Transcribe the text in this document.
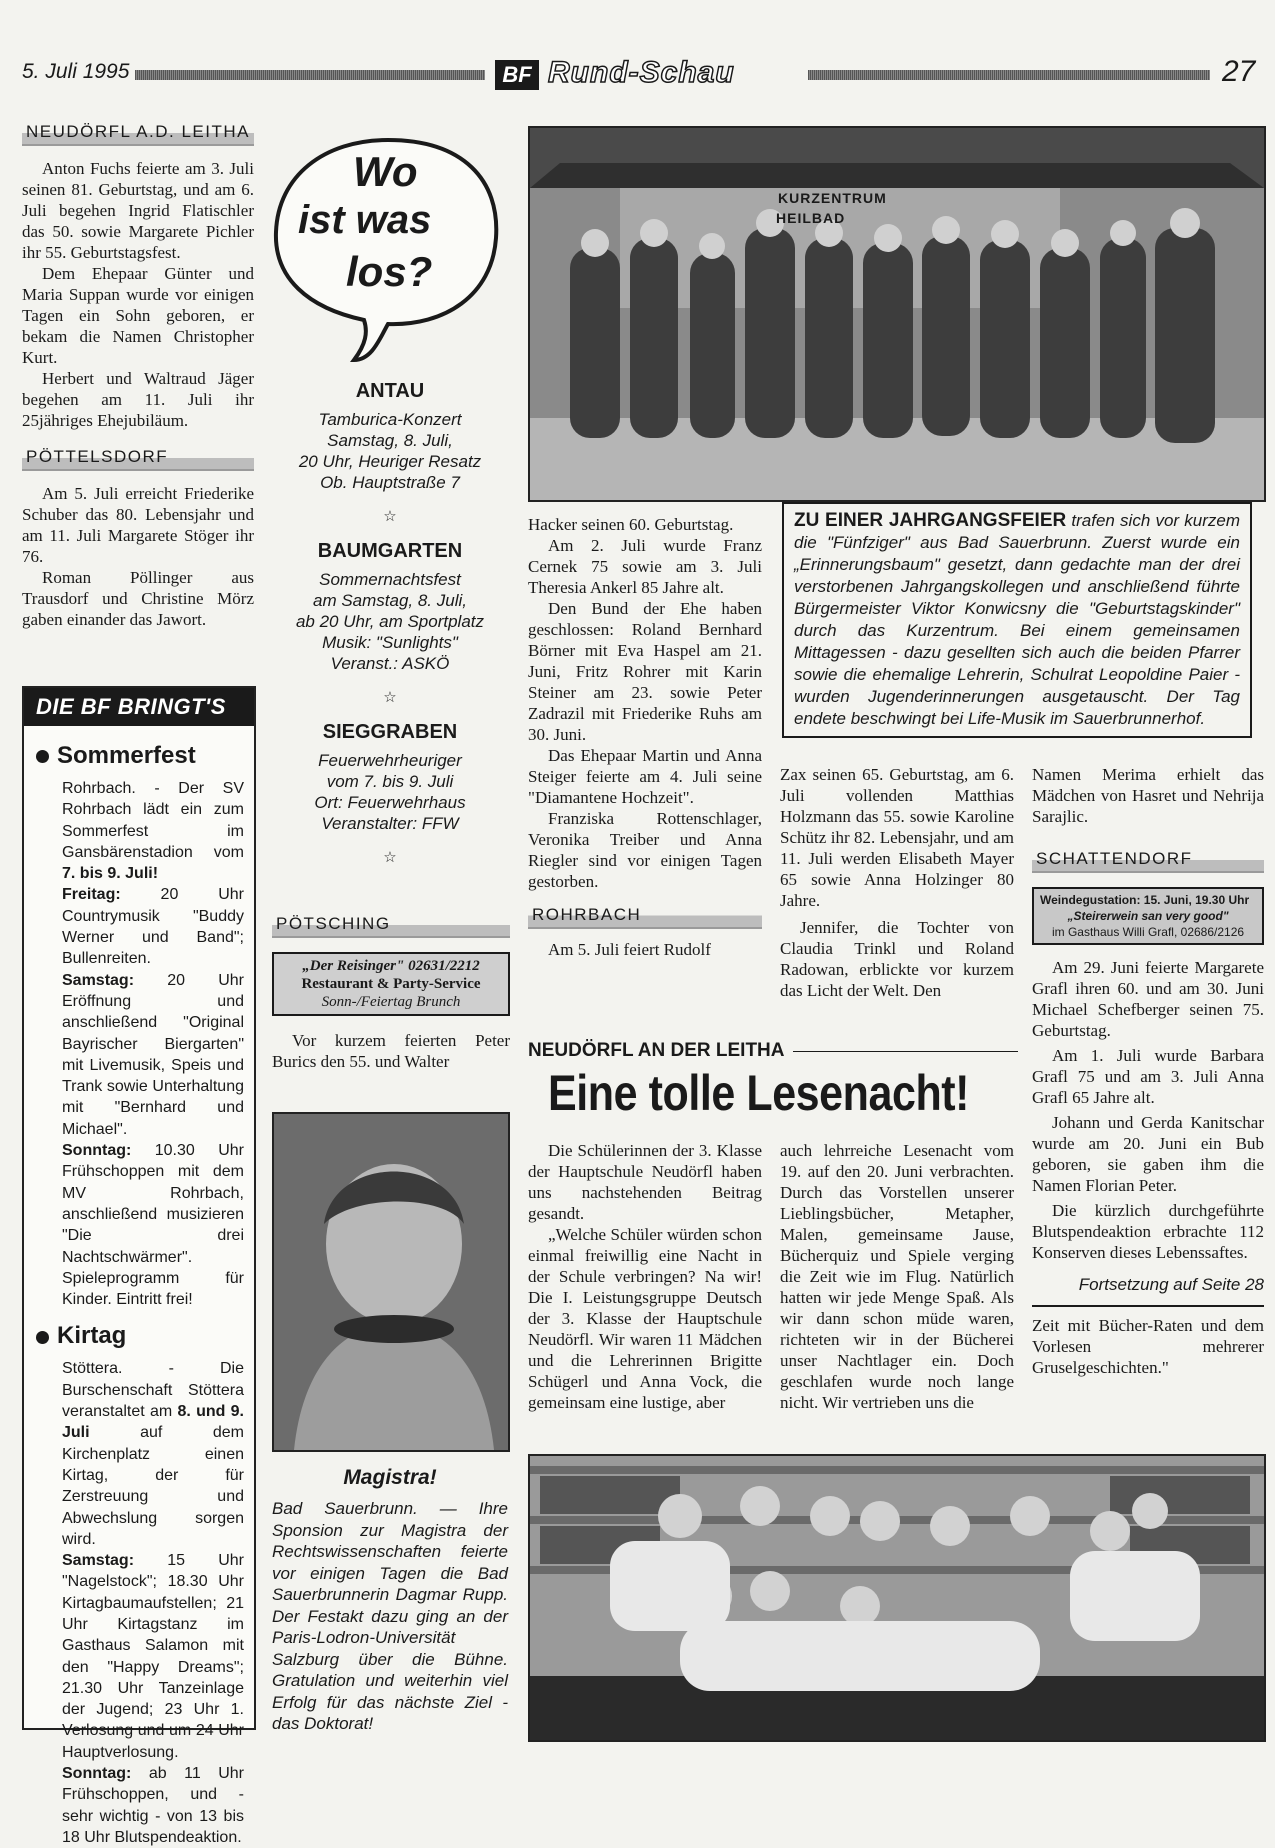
5. Juli 1995	BF Rund-Schau	27
NEUDÖRFL A.D. LEITHA

Anton Fuchs feierte am 3. Juli seinen 81. Geburtstag, und am 6. Juli begehen Ingrid Flatischler das 50. sowie Margarete Pichler ihr 55. Geburtstagsfest.

Dem Ehepaar Günter und Maria Suppan wurde vor einigen Tagen ein Sohn geboren, er bekam die Namen Christopher Kurt.

Herbert und Waltraud Jäger begehen am 11. Juli ihr 25jähriges Ehejubiläum.

PÖTTELSDORF

Am 5. Juli erreicht Friederike Schuber das 80. Lebensjahr und am 11. Juli Margarete Stöger ihr 76.

Roman Pöllinger aus Trausdorf und Christine Mörz gaben einander das Jawort.

DIE BF BRINGT'S
Sommerfest
Rohrbach. - Der SV Rohrbach lädt ein zum Sommerfest im Gansbärenstadion vom 7. bis 9. Juli!
Freitag: 20 Uhr Countrymusik "Buddy Werner und Band"; Bullenreiten.
Samstag: 20 Uhr Eröffnung und anschließend "Original Bayrischer Biergarten" mit Livemusik, Speis und Trank sowie Unterhaltung mit "Bernhard und Michael".
Sonntag: 10.30 Uhr Frühschoppen mit dem MV Rohrbach, anschließend musizieren "Die drei Nachtschwärmer". Spieleprogramm für Kinder. Eintritt frei!
Kirtag
Stöttera. - Die Burschenschaft Stöttera veranstaltet am 8. und 9. Juli	auf dem Kirchenplatz einen Kirtag, der für Zerstreuung und Abwechslung sorgen wird.
Samstag: 15 Uhr "Nagelstock"; 18.30 Uhr Kirtagbaumaufstellen; 21 Uhr Kirtagstanz im Gasthaus Salamon mit den "Happy Dreams"; 21.30 Uhr Tanzeinlage der Jugend; 23 Uhr 1. Verlosung und um 24 Uhr Hauptverlosung.
Sonntag: ab 11 Uhr Frühschoppen, und - sehr wichtig - von 13 bis 18 Uhr Blutspendeaktion.
Wo
ist was
los?

ANTAU

Tamburica-Konzert

Samstag, 8. Juli,

20 Uhr, Heuriger Resatz

Ob. Hauptstraße 7

☆

BAUMGARTEN

Sommernachtsfest

am Samstag, 8. Juli,

ab 20 Uhr, am Sportplatz

Musik: "Sunlights"

Veranst.: ASKÖ

☆

SIEGGRABEN

Feuerwehrheuriger

vom 7. bis 9. Juli

Ort: Feuerwehrhaus

Veranstalter: FFW

☆
PÖTSCHING
„Der Reisinger" 02631/2212
Restaurant & Party-Service
Sonn-/Feiertag Brunch

Vor kurzem feierten Peter Burics den 55. und Walter

Magistra!

Bad Sauerbrunn. — Ihre Sponsion zur Magistra der Rechtswissenschaften feierte vor einigen Tagen die Bad Sauerbrunnerin Dagmar Rupp. Der Festakt dazu ging an der Paris-Lodron-Universität Salzburg über die Bühne. Gratulation und weiterhin viel Erfolg für das nächste Ziel - das Doktorat!
KURZENTRUM
HEILBAD

Hacker seinen 60. Geburtstag.

Am 2. Juli wurde Franz Cernek 75 sowie am 3. Juli Theresia Ankerl 85 Jahre alt.

Den Bund der Ehe haben geschlossen: Roland Bernhard Börner mit Eva Haspel am 21. Juni, Fritz Rohrer mit Karin Steiner am 23. sowie Peter Zadrazil mit Friederike Ruhs am 30. Juni.

Das Ehepaar Martin und Anna Steiger feierte am 4. Juli seine "Diamantene Hochzeit".

Franziska Rottenschlager, Veronika Treiber und Anna Riegler sind vor einigen Tagen gestorben.

ROHRBACH

Am 5. Juli feiert Rudolf

ZU EINER JAHRGANGSFEIER trafen sich vor kurzem die "Fünfziger" aus Bad Sauerbrunn. Zuerst wurde ein „Erinnerungsbaum" gesetzt, dann gedachte man der drei verstorbenen Jahrgangskollegen und anschließend führte Bürgermeister Viktor Konwicsny die "Geburtstagskinder" durch das Kurzentrum. Bei einem gemeinsamen Mittagessen - dazu gesellten sich auch die beiden Pfarrer sowie die ehemalige Lehrerin, Schulrat Leopoldine Paier - wurden Jugenderinnerungen ausgetauscht. Der Tag endete beschwingt bei Life-Musik im Sauerbrunnerhof.

Zax seinen 65. Geburtstag, am 6. Juli vollenden Matthias Holzmann das 55. sowie Karoline Schütz ihr 82. Lebensjahr, und am 11. Juli werden Elisabeth Mayer 65 sowie Anna Holzinger 80 Jahre.

Jennifer, die Tochter von Claudia Trinkl und Roland Radowan, erblickte vor kurzem das Licht der Welt. Den

Namen Merima erhielt das Mädchen von Hasret und Nehrija Sarajlic.

SCHATTENDORF
Weindegustation: 15. Juni, 19.30 Uhr
„Steirerwein san very good"
im Gasthaus Willi Grafl, 02686/2126

Am 29. Juni feierte Margarete Grafl ihren 60. und am 30. Juni Michael Schefberger seinen 75. Geburtstag.

Am 1. Juli wurde Barbara Grafl 75 und am 3. Juli Anna Grafl 65 Jahre alt.

Johann und Gerda Kanitschar wurde am 20. Juni ein Bub geboren, sie gaben ihm die Namen Florian Peter.

Die kürzlich durchgeführte Blutspendeaktion erbrachte 112 Konserven dieses Lebenssaftes.

Fortsetzung auf Seite 28

Zeit mit Bücher-Raten und dem Vorlesen mehrerer Gruselgeschichten."

NEUDÖRFL AN DER LEITHA
Eine tolle Lesenacht!

Die Schülerinnen der 3. Klasse der Hauptschule Neudörfl haben uns nachstehenden Beitrag gesandt.

„Welche Schüler würden schon einmal freiwillig eine Nacht in der Schule verbringen? Na wir! Die I. Leistungsgruppe Deutsch der 3. Klasse der Hauptschule Neudörfl. Wir waren 11 Mädchen und die Lehrerinnen Brigitte Schügerl und Anna Vock, die gemeinsam eine lustige, aber

auch lehrreiche Lesenacht vom 19. auf den 20. Juni verbrachten. Durch das Vorstellen unserer Lieblingsbücher, Metapher, Malen, gemeinsame Jause, Bücherquiz und Spiele verging die Zeit wie im Flug. Natürlich hatten wir jede Menge Spaß. Als wir dann schon müde waren, richteten wir in der Bücherei unser Nachtlager ein. Doch geschlafen wurde noch lange nicht. Wir vertrieben uns die
